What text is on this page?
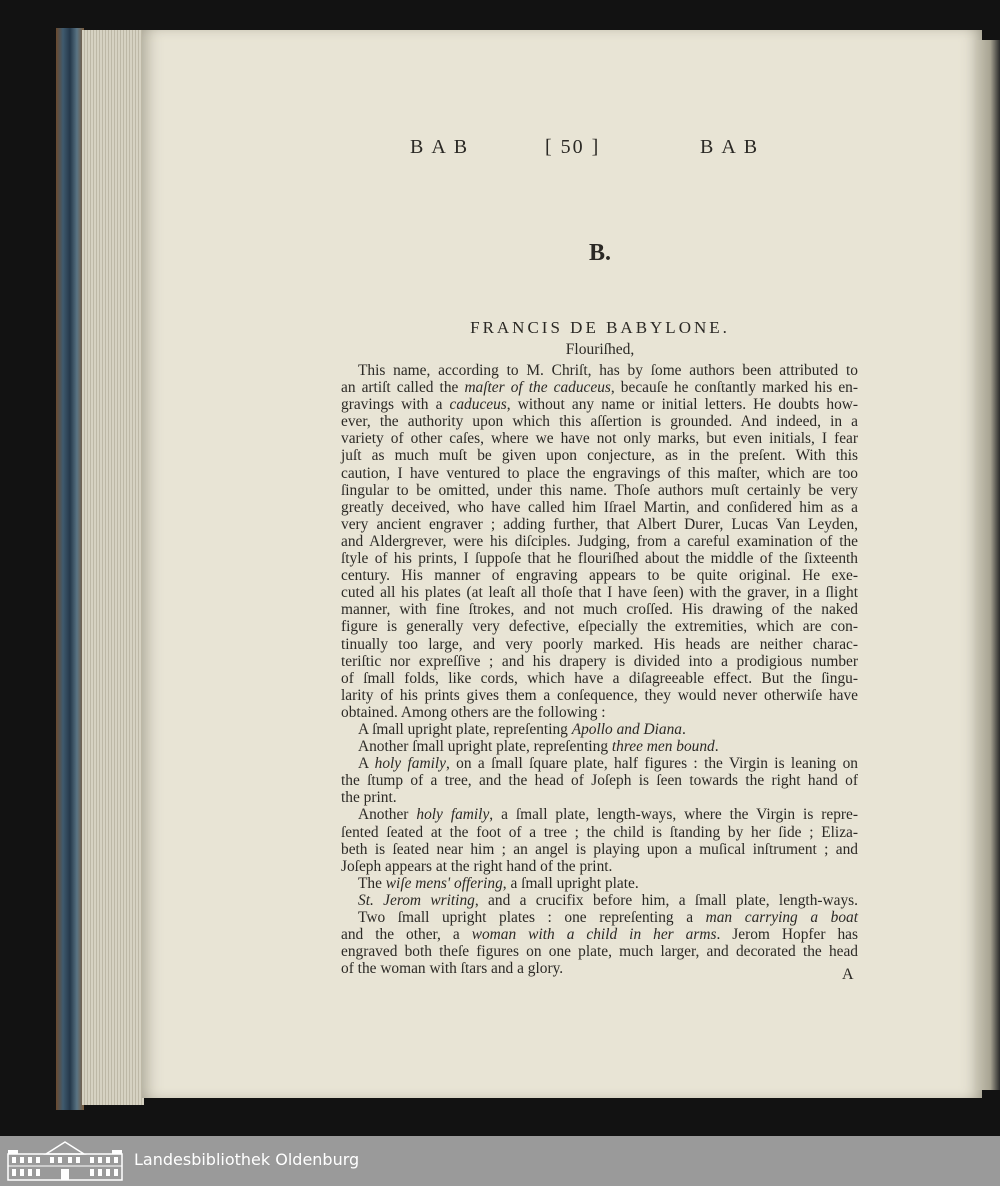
BAB	[ 50 ]	BAB
B.
FRANCIS DE BABYLONE.
Flouriſhed,
This name, according to M. Chriſt, has by ſome authors been attributed to
an artiſt called the maſter of the caduceus, becauſe he conſtantly marked his en-
gravings with a caduceus, without any name or initial letters. He doubts how-
ever, the authority upon which this aſſertion is grounded. And indeed, in a
variety of other caſes, where we have not only marks, but even initials, I fear
juſt as much muſt be given upon conjecture, as in the preſent. With this
caution, I have ventured to place the engravings of this maſter, which are too
ſingular to be omitted, under this name. Thoſe authors muſt certainly be very
greatly deceived, who have called him Iſrael Martin, and conſidered him as a
very ancient engraver ; adding further, that Albert Durer, Lucas Van Leyden,
and Aldergrever, were his diſciples. Judging, from a careful examination of the
ſtyle of his prints, I ſuppoſe that he flouriſhed about the middle of the ſixteenth
century. His manner of engraving appears to be quite original. He exe-
cuted all his plates (at leaſt all thoſe that I have ſeen) with the graver, in a ſlight
manner, with fine ſtrokes, and not much croſſed. His drawing of the naked
figure is generally very defective, eſpecially the extremities, which are con-
tinually too large, and very poorly marked. His heads are neither charac-
teriſtic nor expreſſive ; and his drapery is divided into a prodigious number
of ſmall folds, like cords, which have a diſagreeable effect. But the ſingu-
larity of his prints gives them a conſequence, they would never otherwiſe have
obtained. Among others are the following :
A ſmall upright plate, repreſenting Apollo and Diana.
Another ſmall upright plate, repreſenting three men bound.
A holy family, on a ſmall ſquare plate, half figures : the Virgin is leaning on
the ſtump of a tree, and the head of Joſeph is ſeen towards the right hand of
the print.
Another holy family, a ſmall plate, length-ways, where the Virgin is repre-
ſented ſeated at the foot of a tree ; the child is ſtanding by her ſide ; Eliza-
beth is ſeated near him ; an angel is playing upon a muſical inſtrument ; and
Joſeph appears at the right hand of the print.
The wiſe mens' offering, a ſmall upright plate.
St. Jerom writing, and a crucifix before him, a ſmall plate, length-ways.
Two ſmall upright plates : one repreſenting a man carrying a boat
and the other, a woman with a child in her arms. Jerom Hopfer has
engraved both theſe figures on one plate, much larger, and decorated the head
of the woman with ſtars and a glory.	A
Landesbibliothek Oldenburg
